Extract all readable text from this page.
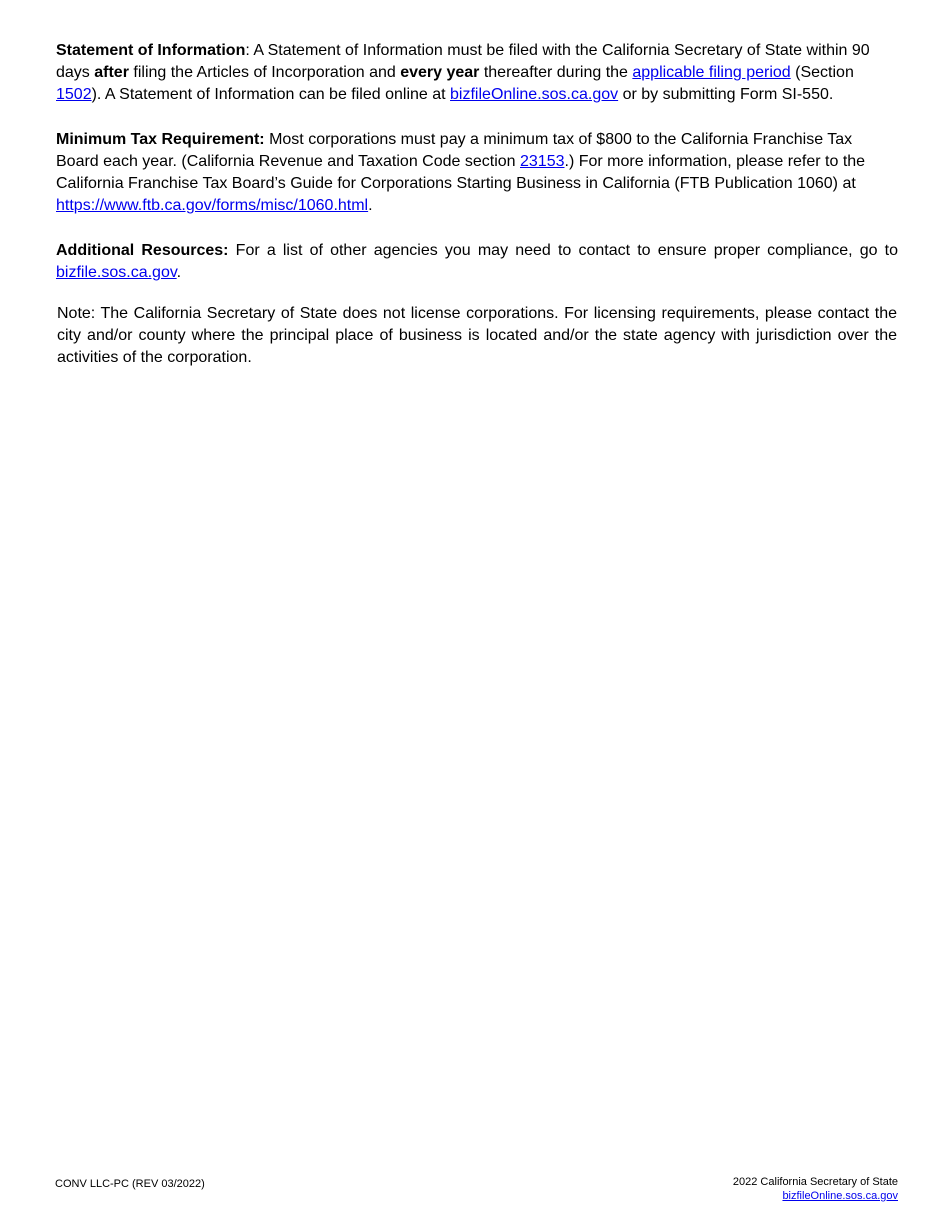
Statement of Information: A Statement of Information must be filed with the California Secretary of State within 90 days after filing the Articles of Incorporation and every year thereafter during the applicable filing period (Section 1502). A Statement of Information can be filed online at bizfileOnline.sos.ca.gov or by submitting Form SI-550.

Minimum Tax Requirement: Most corporations must pay a minimum tax of $800 to the California Franchise Tax Board each year. (California Revenue and Taxation Code section 23153.) For more information, please refer to the California Franchise Tax Board’s Guide for Corporations Starting Business in California (FTB Publication 1060) at https://www.ftb.ca.gov/forms/misc/1060.html.

Additional Resources: For a list of other agencies you may need to contact to ensure proper compliance, go to bizfile.sos.ca.gov.

Note: The California Secretary of State does not license corporations. For licensing requirements, please contact the city and/or county where the principal place of business is located and/or the state agency with jurisdiction over the activities of the corporation.

CONV LLC-PC (REV 03/2022)	2022 California Secretary of State
bizfileOnline.sos.ca.gov
